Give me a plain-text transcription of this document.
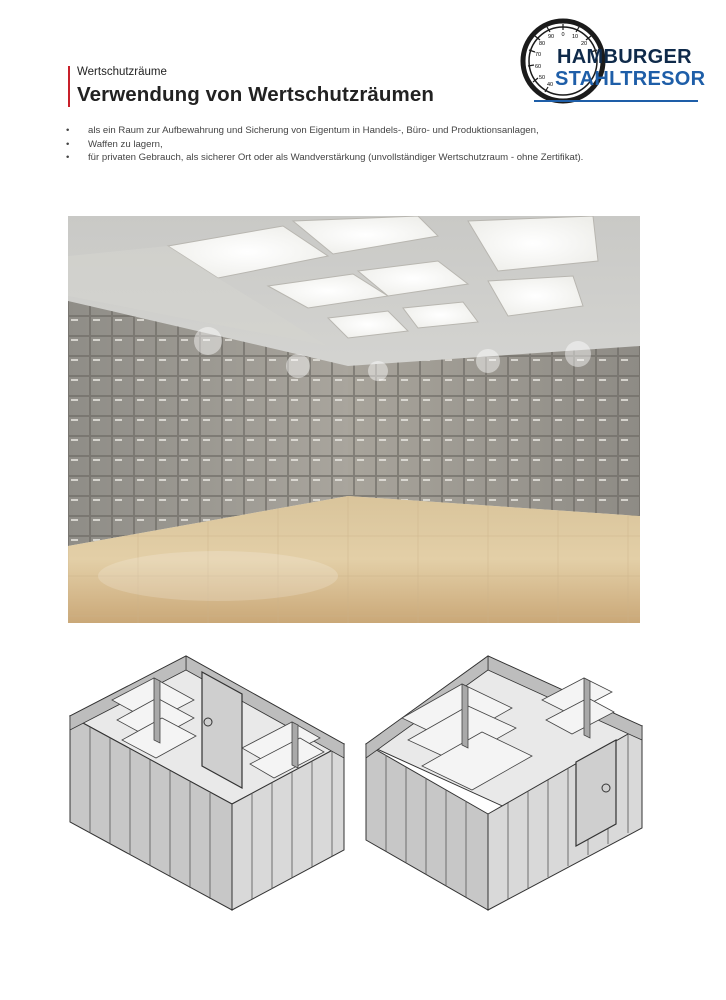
Wertschutzräume
Verwendung von Wertschutzräumen
0 10
20
90
80
70
60
50
40
HAMBURGER
STAHLTRESOR
• als ein Raum zur Aufbewahrung und Sicherung von Eigentum in Handels-, Büro- und Produktionsanlagen,
• Waffen zu lagern,
• für privaten Gebrauch, als sicherer Ort oder als Wandverstärkung (unvollständiger Wertschutzraum - ohne Zertifikat).
